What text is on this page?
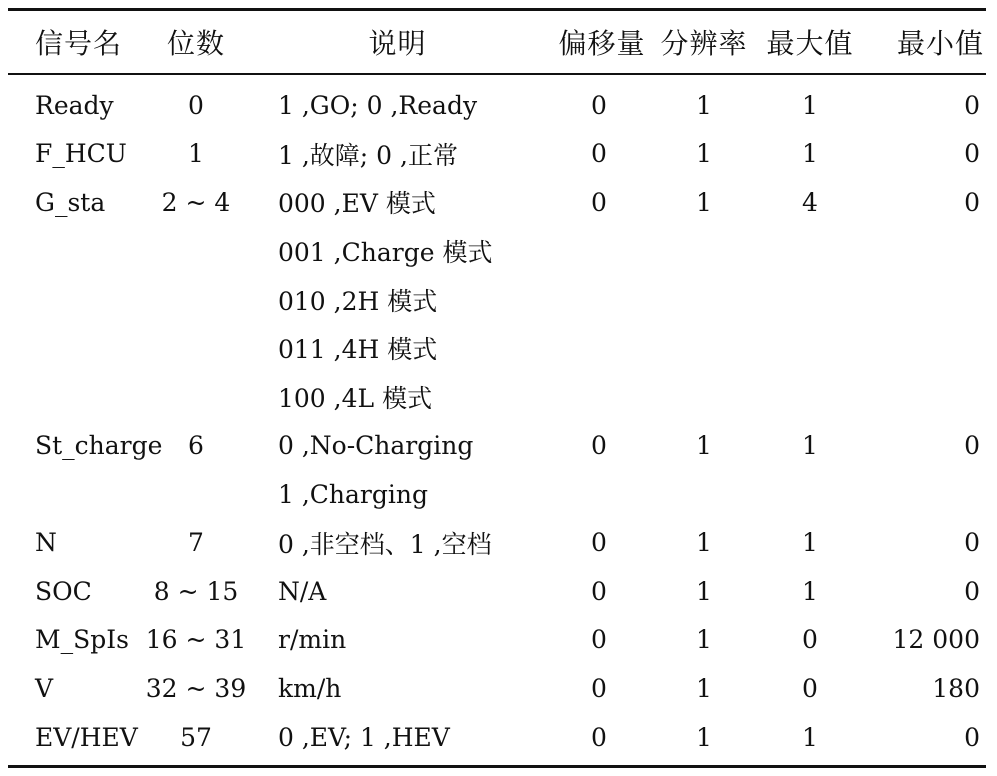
信号名	位数	说明	偏移量	分辨率	最大值	最小值
Ready	0	1 ,GO; 0 ,Ready	0	1	1	0
F_HCU	1	1 ,故障; 0 ,正常	0	1	1	0
G_sta	2 ~ 4	000 ,EV 模式	0	1	4	0
		001 ,Charge 模式				
		010 ,2H 模式				
		011 ,4H 模式				
		100 ,4L 模式				
St_charge	6	0 ,No-Charging	0	1	1	0
		1 ,Charging				
N	7	0 ,非空档、1 ,空档	0	1	1	0
SOC	8 ~ 15	N/A	0	1	1	0
M_SpIs	16 ~ 31	r/min	0	1	0	12 000
V	32 ~ 39	km/h	0	1	0	180
EV/HEV	57	0 ,EV; 1 ,HEV	0	1	1	0
